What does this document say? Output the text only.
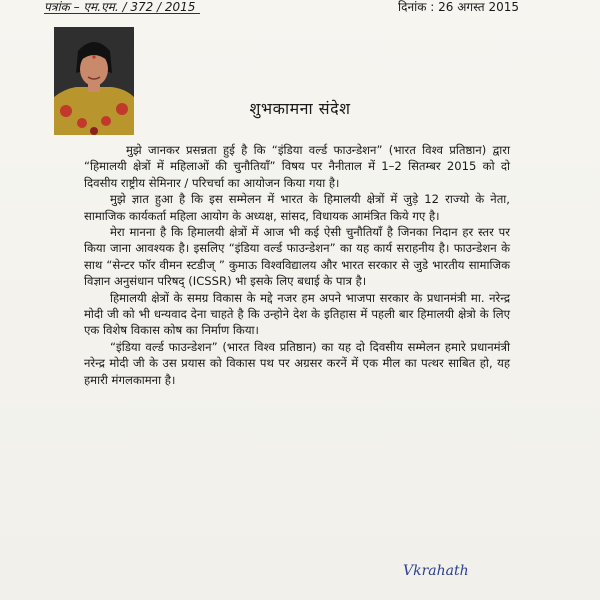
पत्रांक – एम.एम. / 372 / 2015	दिनांक : 26 अगस्त 2015
शुभकामना संदेश

मुझे जानकर प्रसन्नता हुई है कि “इंडिया वर्ल्ड फाउन्डेशन” (भारत विश्व प्रतिष्ठान) द्वारा “हिमालयी क्षेत्रों में महिलाओं की चुनौतियाँ” विषय पर नैनीताल में 1–2 सितम्बर 2015 को दो दिवसीय राष्ट्रीय सेमिनार / परिचर्चा का आयोजन किया गया है।

मुझे ज्ञात हुआ है कि इस सम्मेलन में भारत के हिमालयी क्षेत्रों में जुड़े 12 राज्यो के नेता, सामाजिक कार्यकर्ता महिला आयोग के अध्यक्ष, सांसद, विधायक आमंत्रित किये गए है।

मेरा मानना है कि हिमालयी क्षेत्रों में आज भी कई ऐसी चुनौतियाँ है जिनका निदान हर स्तर पर किया जाना आवश्यक है। इसलिए “इंडिया वर्ल्ड फाउन्डेशन” का यह कार्य सराहनीय है। फाउन्डेशन के साथ “सेन्टर फॉर वीमन स्टडीज् ” कुमाऊ विश्वविद्यालय और भारत सरकार से जुडे भारतीय सामाजिक विज्ञान अनुसंधान परिषद् (ICSSR) भी इसके लिए बधाई के पात्र है।

हिमालयी क्षेत्रों के समग्र विकास के मद्दे नजर हम अपने भाजपा सरकार के प्रधानमंत्री मा. नरेन्द्र मोदी जी को भी धन्यवाद देना चाहते है कि उन्होने देश के इतिहास में पहली बार हिमालयी क्षेत्रो के लिए एक विशेष विकास कोष का निर्माण किया।

“इंडिया वर्ल्ड फाउन्डेशन” (भारत विश्व प्रतिष्ठान) का यह दो दिवसीय सम्मेलन हमारे प्रधानमंत्री नरेन्द्र मोदी जी के उस प्रयास को विकास पथ पर अग्रसर करनें में एक मील का पत्थर साबित हो, यह हमारी मंगलकामना है।

Vkrahath
